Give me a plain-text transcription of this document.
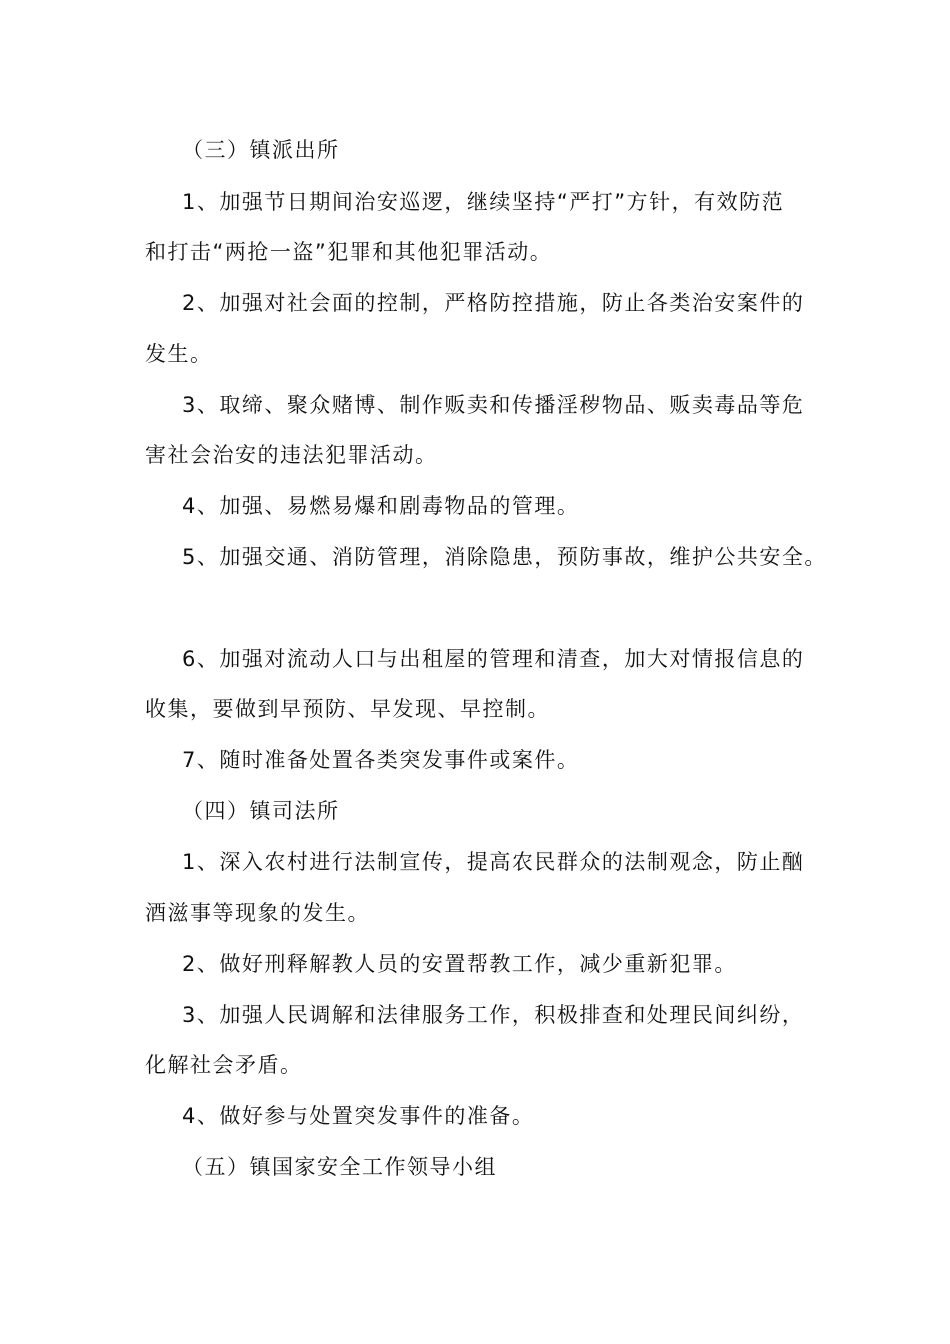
（三）镇派出所
1、加强节日期间治安巡逻，继续坚持“严打”方针，有效防范
和打击“两抢一盗”犯罪和其他犯罪活动。
2、加强对社会面的控制，严格防控措施，防止各类治安案件的
发生。
3、取缔、聚众赌博、制作贩卖和传播淫秽物品、贩卖毒品等危
害社会治安的违法犯罪活动。
4、加强、易燃易爆和剧毒物品的管理。
5、加强交通、消防管理，消除隐患，预防事故，维护公共安全。
6、加强对流动人口与出租屋的管理和清查，加大对情报信息的
收集，要做到早预防、早发现、早控制。
7、随时准备处置各类突发事件或案件。
（四）镇司法所
1、深入农村进行法制宣传，提高农民群众的法制观念，防止酗
酒滋事等现象的发生。
2、做好刑释解教人员的安置帮教工作，减少重新犯罪。
3、加强人民调解和法律服务工作，积极排查和处理民间纠纷，
化解社会矛盾。
4、做好参与处置突发事件的准备。
（五）镇国家安全工作领导小组
